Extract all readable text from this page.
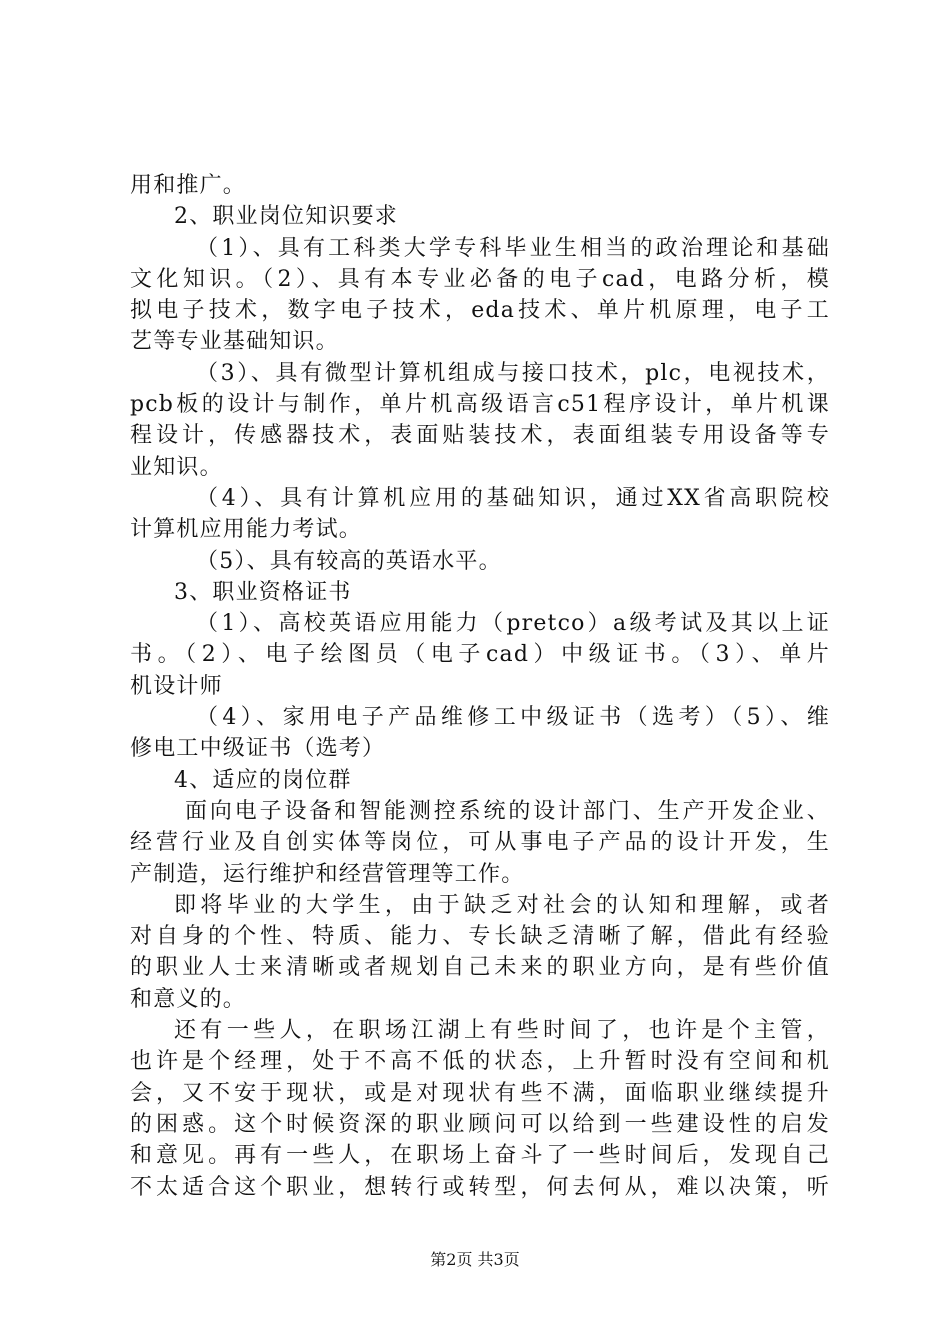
用和推广。
2、职业岗位知识要求
（1）、具有工科类大学专科毕业生相当的政治理论和基础
文化知识。（2）、具有本专业必备的电子cad，电路分析，模
拟电子技术，数字电子技术，eda技术、单片机原理，电子工
艺等专业基础知识。
（3）、具有微型计算机组成与接口技术，plc，电视技术，
pcb板的设计与制作，单片机高级语言c51程序设计，单片机课
程设计，传感器技术，表面贴装技术，表面组装专用设备等专
业知识。
（4）、具有计算机应用的基础知识，通过XX省高职院校
计算机应用能力考试。
（5）、具有较高的英语水平。
3、职业资格证书
（1）、高校英语应用能力（pretco）a级考试及其以上证
书。（2）、电子绘图员（电子cad）中级证书。（3）、单片
机设计师
（4）、家用电子产品维修工中级证书（选考）（5）、维
修电工中级证书（选考）
4、适应的岗位群
面向电子设备和智能测控系统的设计部门、生产开发企业、
经营行业及自创实体等岗位，可从事电子产品的设计开发，生
产制造，运行维护和经营管理等工作。
即将毕业的大学生，由于缺乏对社会的认知和理解，或者
对自身的个性、特质、能力、专长缺乏清晰了解，借此有经验
的职业人士来清晰或者规划自己未来的职业方向，是有些价值
和意义的。
还有一些人，在职场江湖上有些时间了，也许是个主管，
也许是个经理，处于不高不低的状态，上升暂时没有空间和机
会，又不安于现状，或是对现状有些不满，面临职业继续提升
的困惑。这个时候资深的职业顾问可以给到一些建设性的启发
和意见。再有一些人，在职场上奋斗了一些时间后，发现自己
不太适合这个职业，想转行或转型，何去何从，难以决策，听
第2页 共3页
